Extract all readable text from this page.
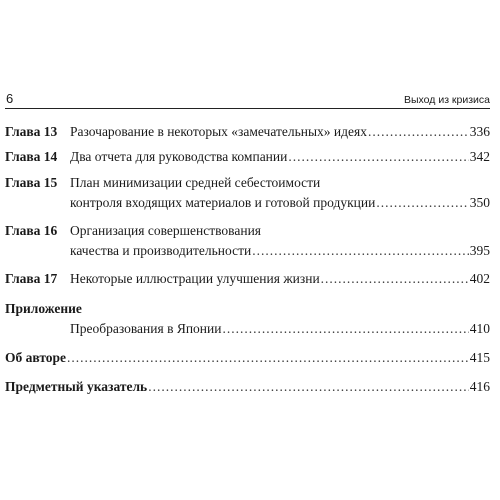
6	Выход из кризиса
Глава 13 Разочарование в некоторых «замечательных» идеях .....	336
Глава 14 Два отчета для руководства компании .....	342
Глава 15 План минимизации средней себестоимости
контроля входящих материалов и готовой продукции .....	350
Глава 16 Организация совершенствования
качества и производительности .....	395
Глава 17 Некоторые иллюстрации улучшения жизни .....	402
Приложение
Преобразования в Японии .....	410
Об авторе .....	415
Предметный указатель .....	416
